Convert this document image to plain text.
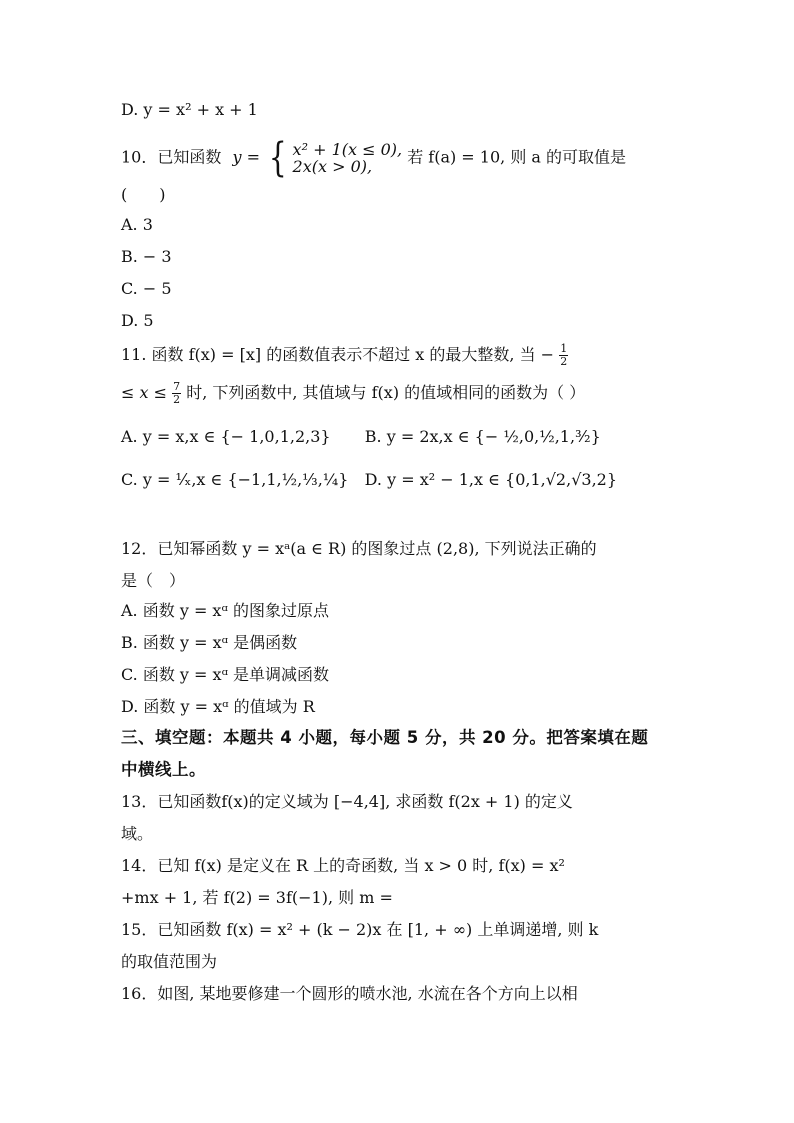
D. y = x² + x + 1
10．已知函数 y = { x² + 1(x ≤ 0),
2x(x > 0),	若 f(a) = 10, 则 a 的可取值是
(　　)
A. 3
B. − 3
C. − 5
D. 5
11. 函数 f(x) = [x] 的函数值表示不超过 x 的最大整数, 当 − $\frac{1}{2}$
≤ $x \le \frac{7}{2}$ 时, 下列函数中, 其值域与 f(x) 的值域相同的函数为（ ）
A. y = x,x ∈ {− 1,0,1,2,3} B. y = 2x,x ∈ {− ½,0,½,1,³⁄₂}
C. y = ¹⁄ₓ,x ∈ {−1,1,½,⅓,¼} D. y = x² − 1,x ∈ {0,1,√2,√3,2}
12．已知幂函数 y = xᵃ(a ∈ R) 的图象过点 (2,8), 下列说法正确的
是（　）
A. 函数 y = xᵅ 的图象过原点
B. 函数 y = xᵅ 是偶函数
C. 函数 y = xᵅ 是单调减函数
D. 函数 y = xᵅ 的值域为 R
三、填空题：本题共 4 小题，每小题 5 分，共 20 分。把答案填在题
中横线上。
13．已知函数f(x)的定义域为 [−4,4], 求函数 f(2x + 1) 的定义
域。
14．已知 f(x) 是定义在 R 上的奇函数, 当 x > 0 时, f(x) = x²
+mx + 1, 若 f(2) = 3f(−1), 则 m =
15．已知函数 f(x) = x² + (k − 2)x 在 [1, + ∞) 上单调递增, 则 k
的取值范围为
16．如图, 某地要修建一个圆形的喷水池, 水流在各个方向上以相
